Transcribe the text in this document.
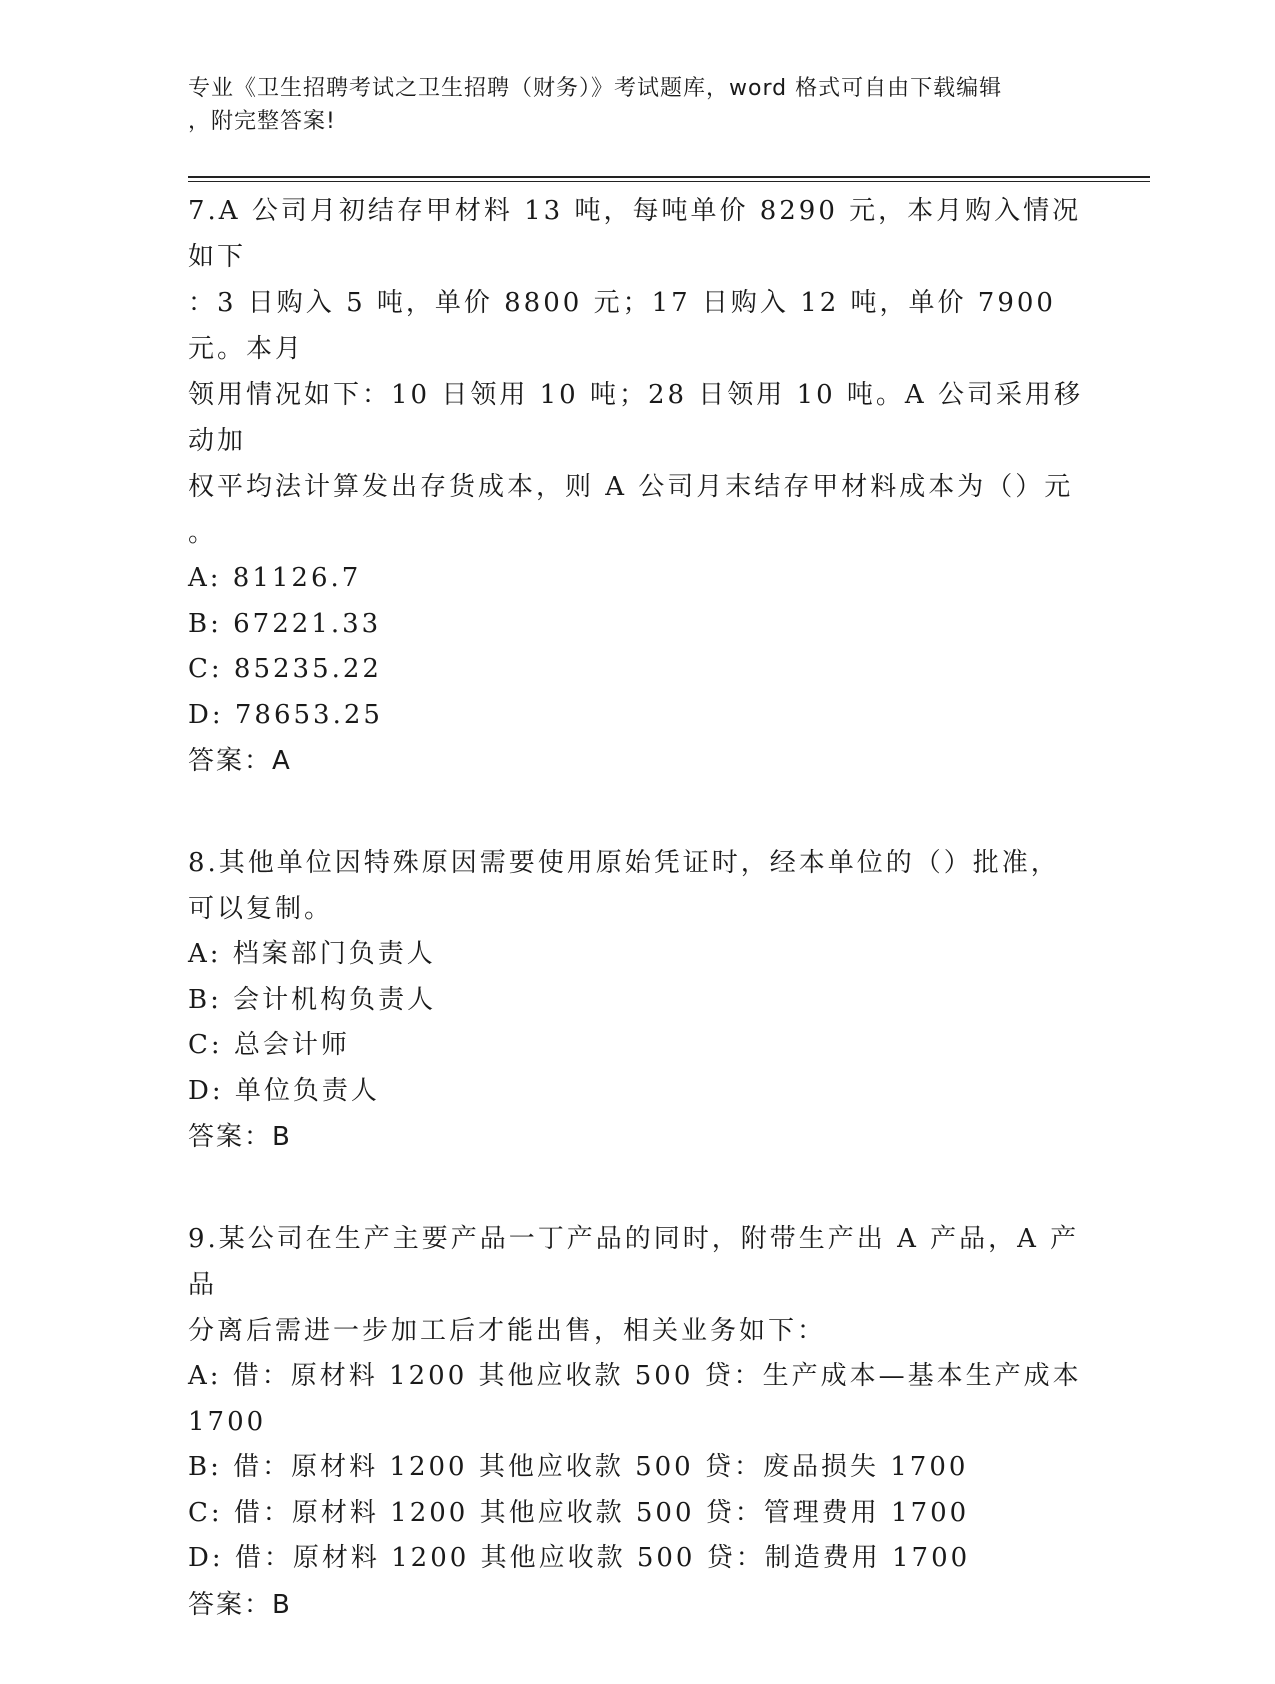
专业《卫生招聘考试之卫生招聘（财务）》考试题库，word 格式可自由下载编辑
，附完整答案!
7.A 公司月初结存甲材料 13 吨，每吨单价 8290 元，本月购入情况如下
：3 日购入 5 吨，单价 8800 元；17 日购入 12 吨，单价 7900 元。本月
领用情况如下：10 日领用 10 吨；28 日领用 10 吨。A 公司采用移动加
权平均法计算发出存货成本，则 A 公司月末结存甲材料成本为（）元
。
A: 81126.7
B: 67221.33
C: 85235.22
D: 78653.25
答案：A
8.其他单位因特殊原因需要使用原始凭证时，经本单位的（）批准，
可以复制。
A: 档案部门负责人
B: 会计机构负责人
C: 总会计师
D: 单位负责人
答案：B
9.某公司在生产主要产品一丁产品的同时，附带生产出 A 产品，A 产品
分离后需进一步加工后才能出售，相关业务如下：
A: 借：原材料 1200 其他应收款 500 贷：生产成本—基本生产成本
1700
B: 借：原材料 1200 其他应收款 500 贷：废品损失 1700
C: 借：原材料 1200 其他应收款 500 贷：管理费用 1700
D: 借：原材料 1200 其他应收款 500 贷：制造费用 1700
答案：B
